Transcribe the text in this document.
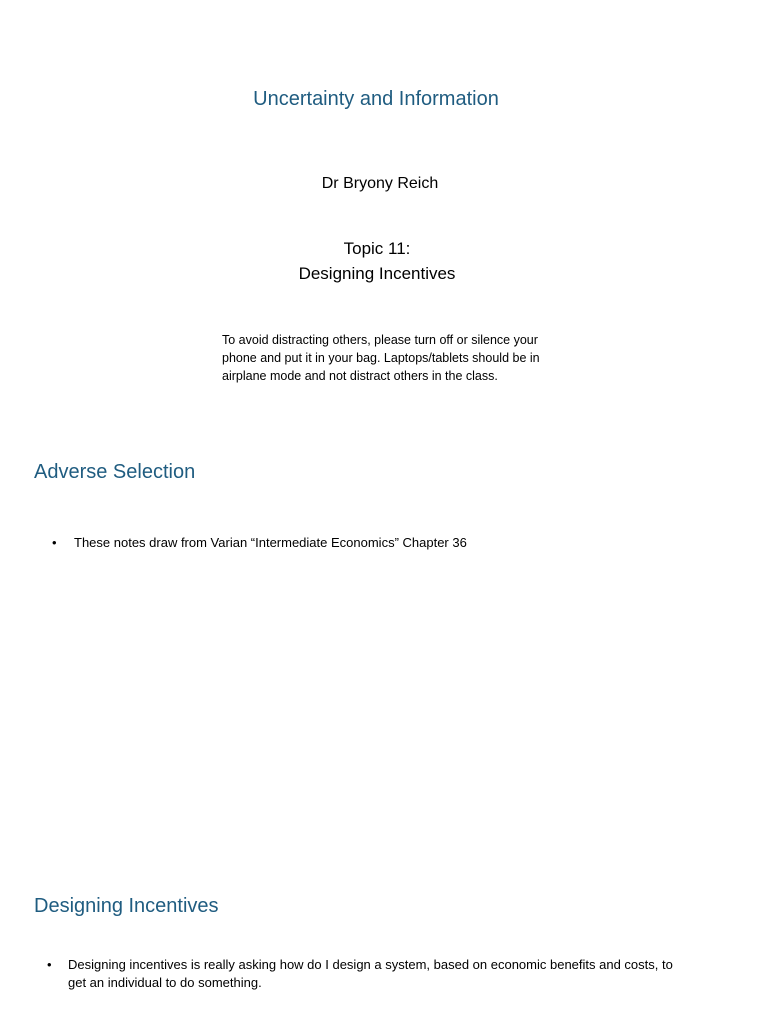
Uncertainty and Information
Dr Bryony Reich
Topic 11:
Designing Incentives
To avoid distracting others, please turn off or silence your
phone and put it in your bag. Laptops/tablets should be in
airplane mode and not distract others in the class.
Adverse Selection
•	These notes draw from Varian “Intermediate Economics” Chapter 36
Designing Incentives
•	Designing incentives is really asking how do I design a system, based on economic benefits and costs, to
get an individual to do something.
